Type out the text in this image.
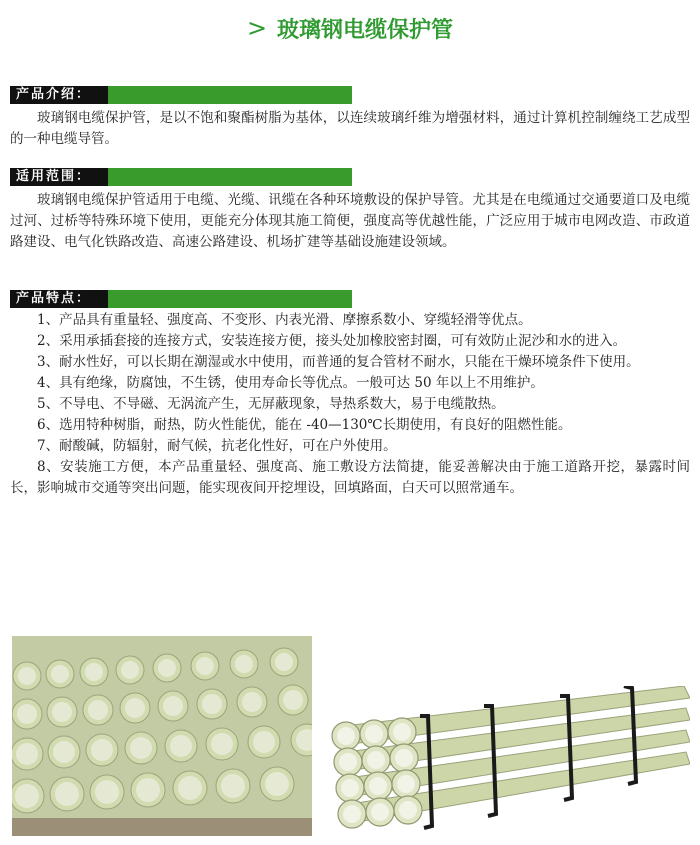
> 玻璃钢电缆保护管
产品介绍：

玻璃钢电缆保护管，是以不饱和聚酯树脂为基体，以连续玻璃纤维为增强材料，通过计算机控制缠绕工艺成型的一种电缆导管。

适用范围：

玻璃钢电缆保护管适用于电缆、光缆、讯缆在各种环境敷设的保护导管。尤其是在电缆通过交通要道口及电缆过河、过桥等特殊环境下使用，更能充分体现其施工简便，强度高等优越性能，广泛应用于城市电网改造、市政道路建设、电气化铁路改造、高速公路建设、机场扩建等基础设施建设领域。

产品特点：

1、产品具有重量轻、强度高、不变形、内表光滑、摩擦系数小、穿缆轻滑等优点。

2、采用承插套接的连接方式，安装连接方便，接头处加橡胶密封圈，可有效防止泥沙和水的进入。

3、耐水性好，可以长期在潮湿或水中使用，而普通的复合管材不耐水，只能在干燥环境条件下使用。

4、具有绝缘，防腐蚀，不生锈，使用寿命长等优点。一般可达 50 年以上不用维护。

5、不导电、不导磁、无涡流产生，无屏蔽现象，导热系数大，易于电缆散热。

6、选用特种树脂，耐热，防火性能优，能在 -40—130℃长期使用，有良好的阻燃性能。

7、耐酸碱，防辐射，耐气候，抗老化性好，可在户外使用。

8、安装施工方便，本产品重量轻、强度高、施工敷设方法简捷，能妥善解决由于施工道路开挖，暴露时间长，影响城市交通等突出问题，能实现夜间开挖埋设，回填路面，白天可以照常通车。
